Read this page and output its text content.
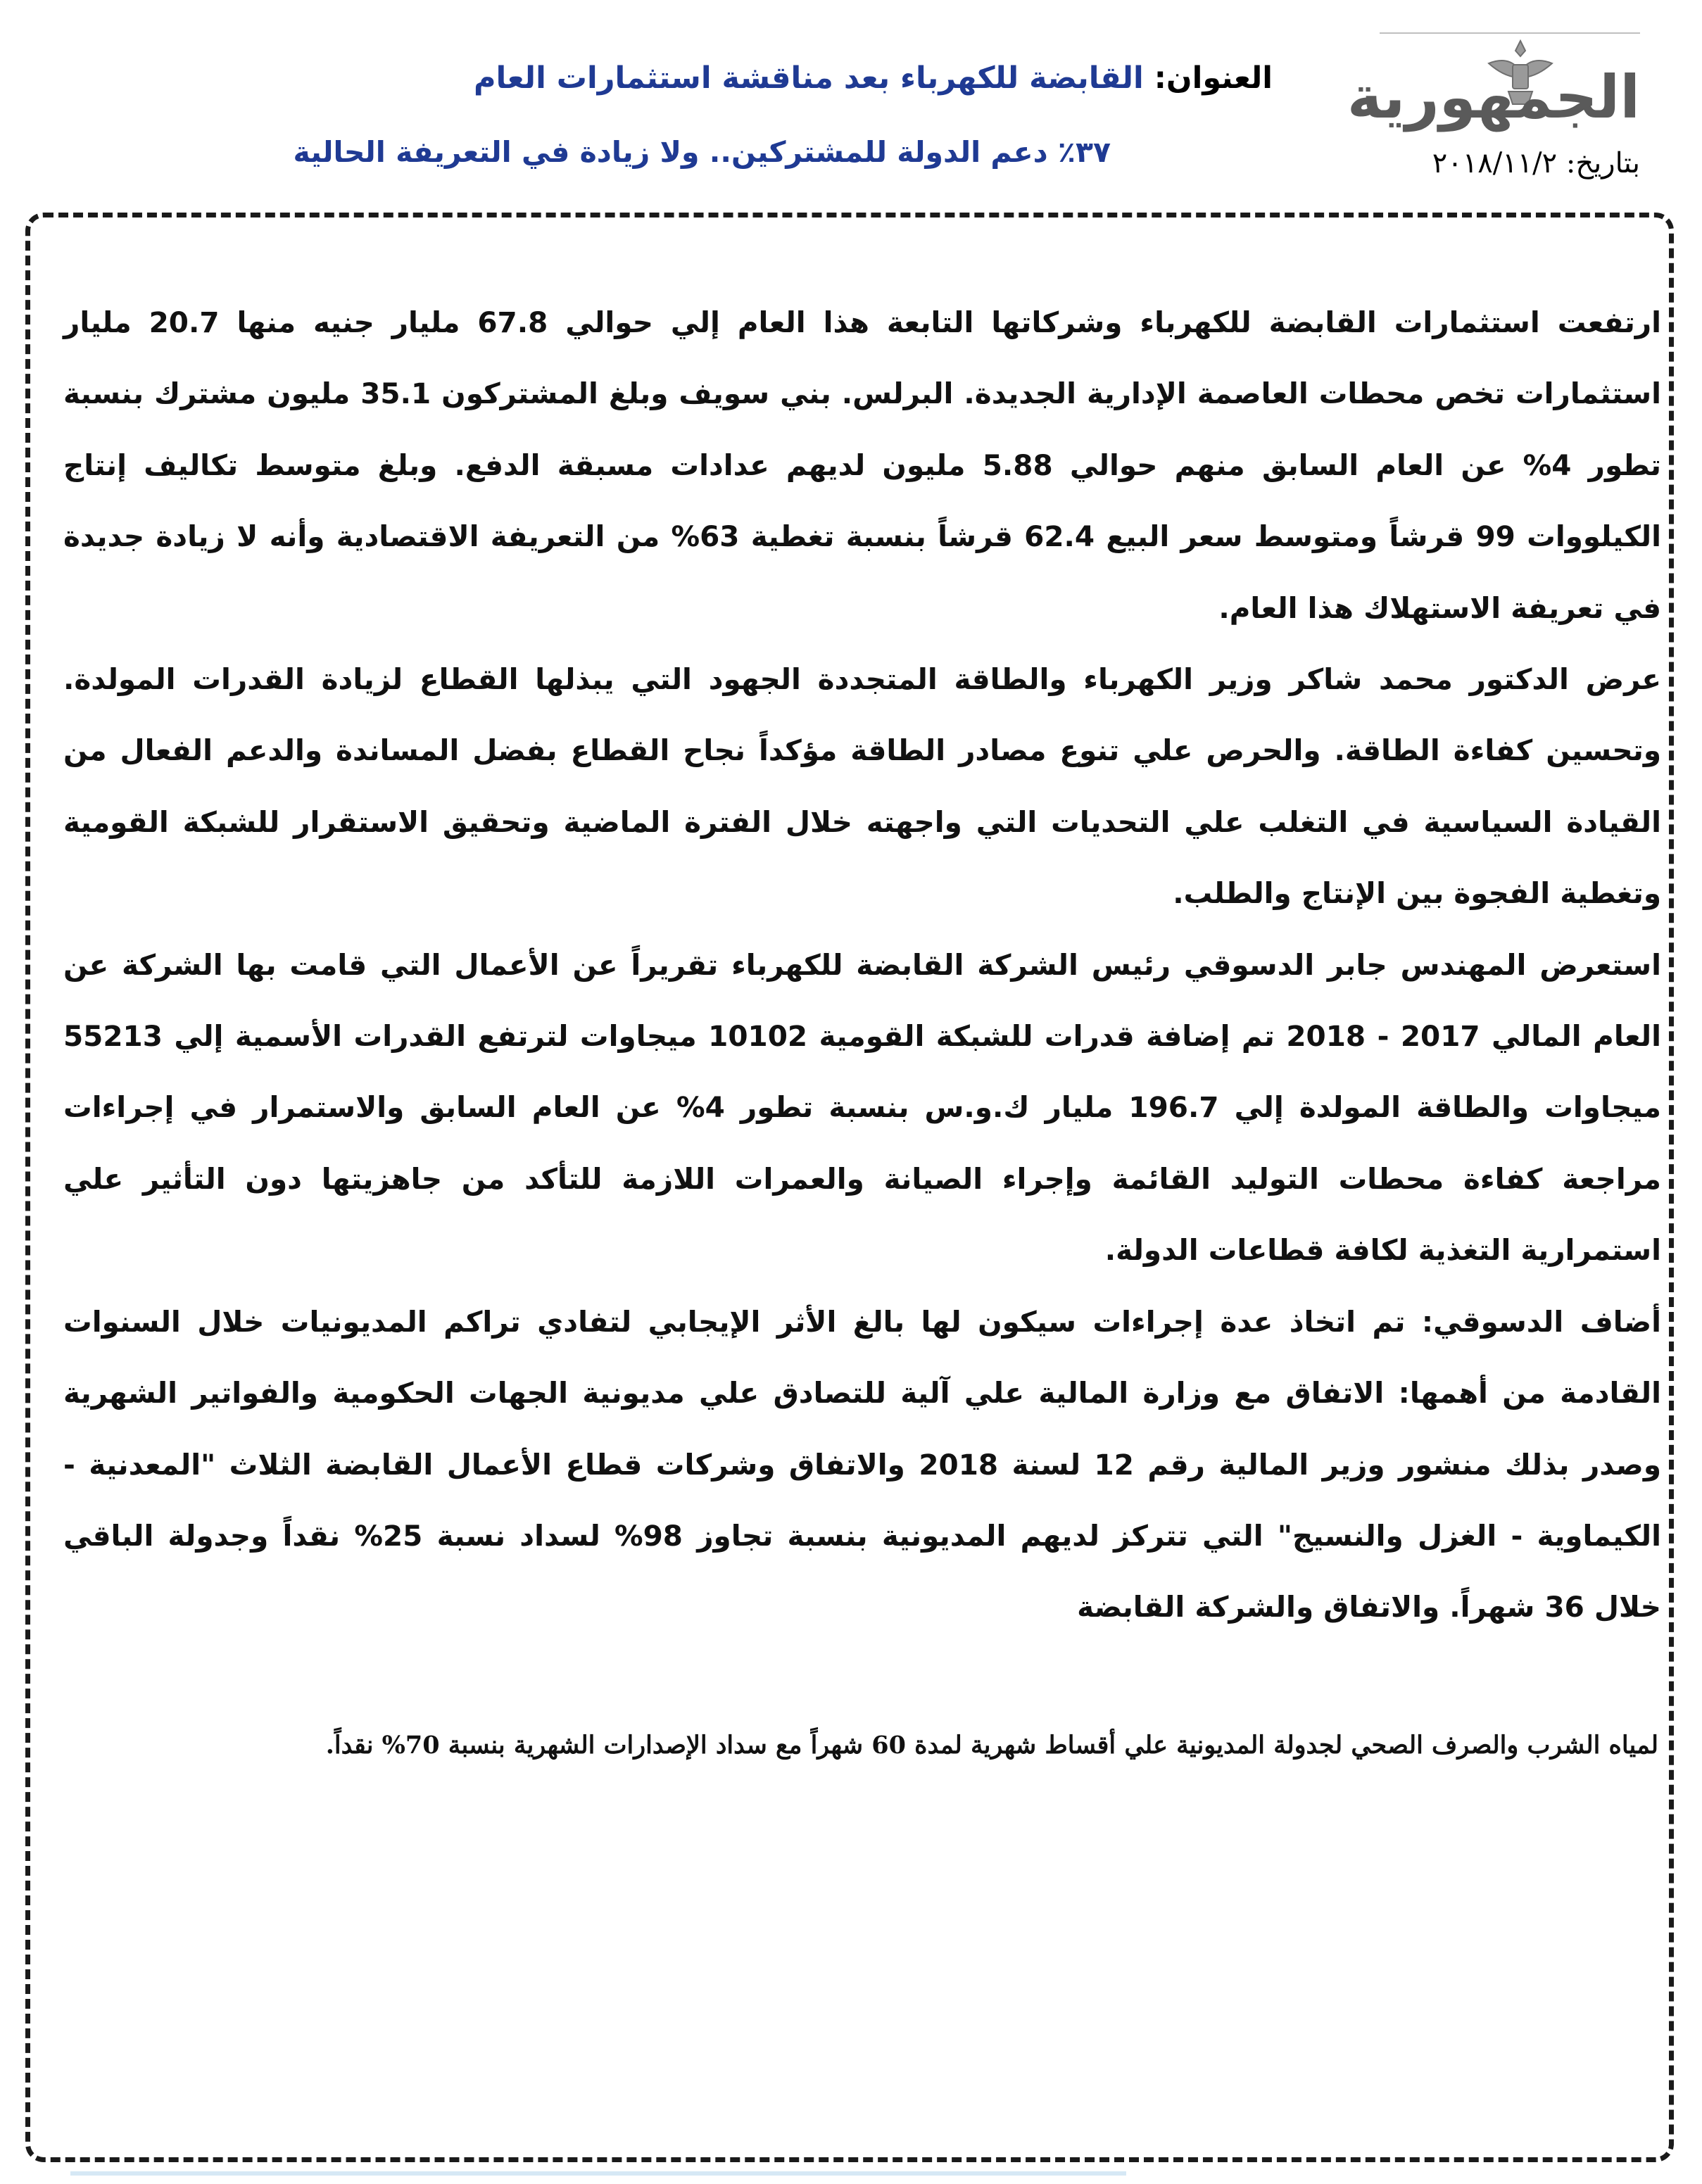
الجمهورية
بتاريخ: ٢٠١٨/١١/٢
العنوان: القابضة للكهرباء بعد مناقشة استثمارات العام
٣٧٪ دعم الدولة للمشتركين.. ولا زيادة في التعريفة الحالية

ارتفعت استثمارات القابضة للكهرباء وشركاتها التابعة هذا العام إلي حوالي 67.8 مليار جنيه منها 20.7 مليار استثمارات تخص محطات العاصمة الإدارية الجديدة. البرلس. بني سويف وبلغ المشتركون 35.1 مليون مشترك بنسبة تطور 4% عن العام السابق منهم حوالي 5.88 مليون لديهم عدادات مسبقة الدفع. وبلغ متوسط تكاليف إنتاج الكيلووات 99 قرشاً ومتوسط سعر البيع 62.4 قرشاً بنسبة تغطية 63% من التعريفة الاقتصادية وأنه لا زيادة جديدة في تعريفة الاستهلاك هذا العام.

عرض الدكتور محمد شاكر وزير الكهرباء والطاقة المتجددة الجهود التي يبذلها القطاع لزيادة القدرات المولدة. وتحسين كفاءة الطاقة. والحرص علي تنوع مصادر الطاقة مؤكداً نجاح القطاع بفضل المساندة والدعم الفعال من القيادة السياسية في التغلب علي التحديات التي واجهته خلال الفترة الماضية وتحقيق الاستقرار للشبكة القومية وتغطية الفجوة بين الإنتاج والطلب.

استعرض المهندس جابر الدسوقي رئيس الشركة القابضة للكهرباء تقريراً عن الأعمال التي قامت بها الشركة عن العام المالي 2017 - 2018 تم إضافة قدرات للشبكة القومية 10102 ميجاوات لترتفع القدرات الأسمية إلي 55213 ميجاوات والطاقة المولدة إلي 196.7 مليار ك.و.س بنسبة تطور 4% عن العام السابق والاستمرار في إجراءات مراجعة كفاءة محطات التوليد القائمة وإجراء الصيانة والعمرات اللازمة للتأكد من جاهزيتها دون التأثير علي استمرارية التغذية لكافة قطاعات الدولة.

أضاف الدسوقي: تم اتخاذ عدة إجراءات سيكون لها بالغ الأثر الإيجابي لتفادي تراكم المديونيات خلال السنوات القادمة من أهمها: الاتفاق مع وزارة المالية علي آلية للتصادق علي مديونية الجهات الحكومية والفواتير الشهرية وصدر بذلك منشور وزير المالية رقم 12 لسنة 2018 والاتفاق وشركات قطاع الأعمال القابضة الثلاث "المعدنية - الكيماوية - الغزل والنسيج" التي تتركز لديهم المديونية بنسبة تجاوز 98% لسداد نسبة 25% نقداً وجدولة الباقي خلال 36 شهراً. والاتفاق والشركة القابضة

لمياه الشرب والصرف الصحي لجدولة المديونية علي أقساط شهرية لمدة 60 شهراً مع سداد الإصدارات الشهرية بنسبة 70% نقداً.
